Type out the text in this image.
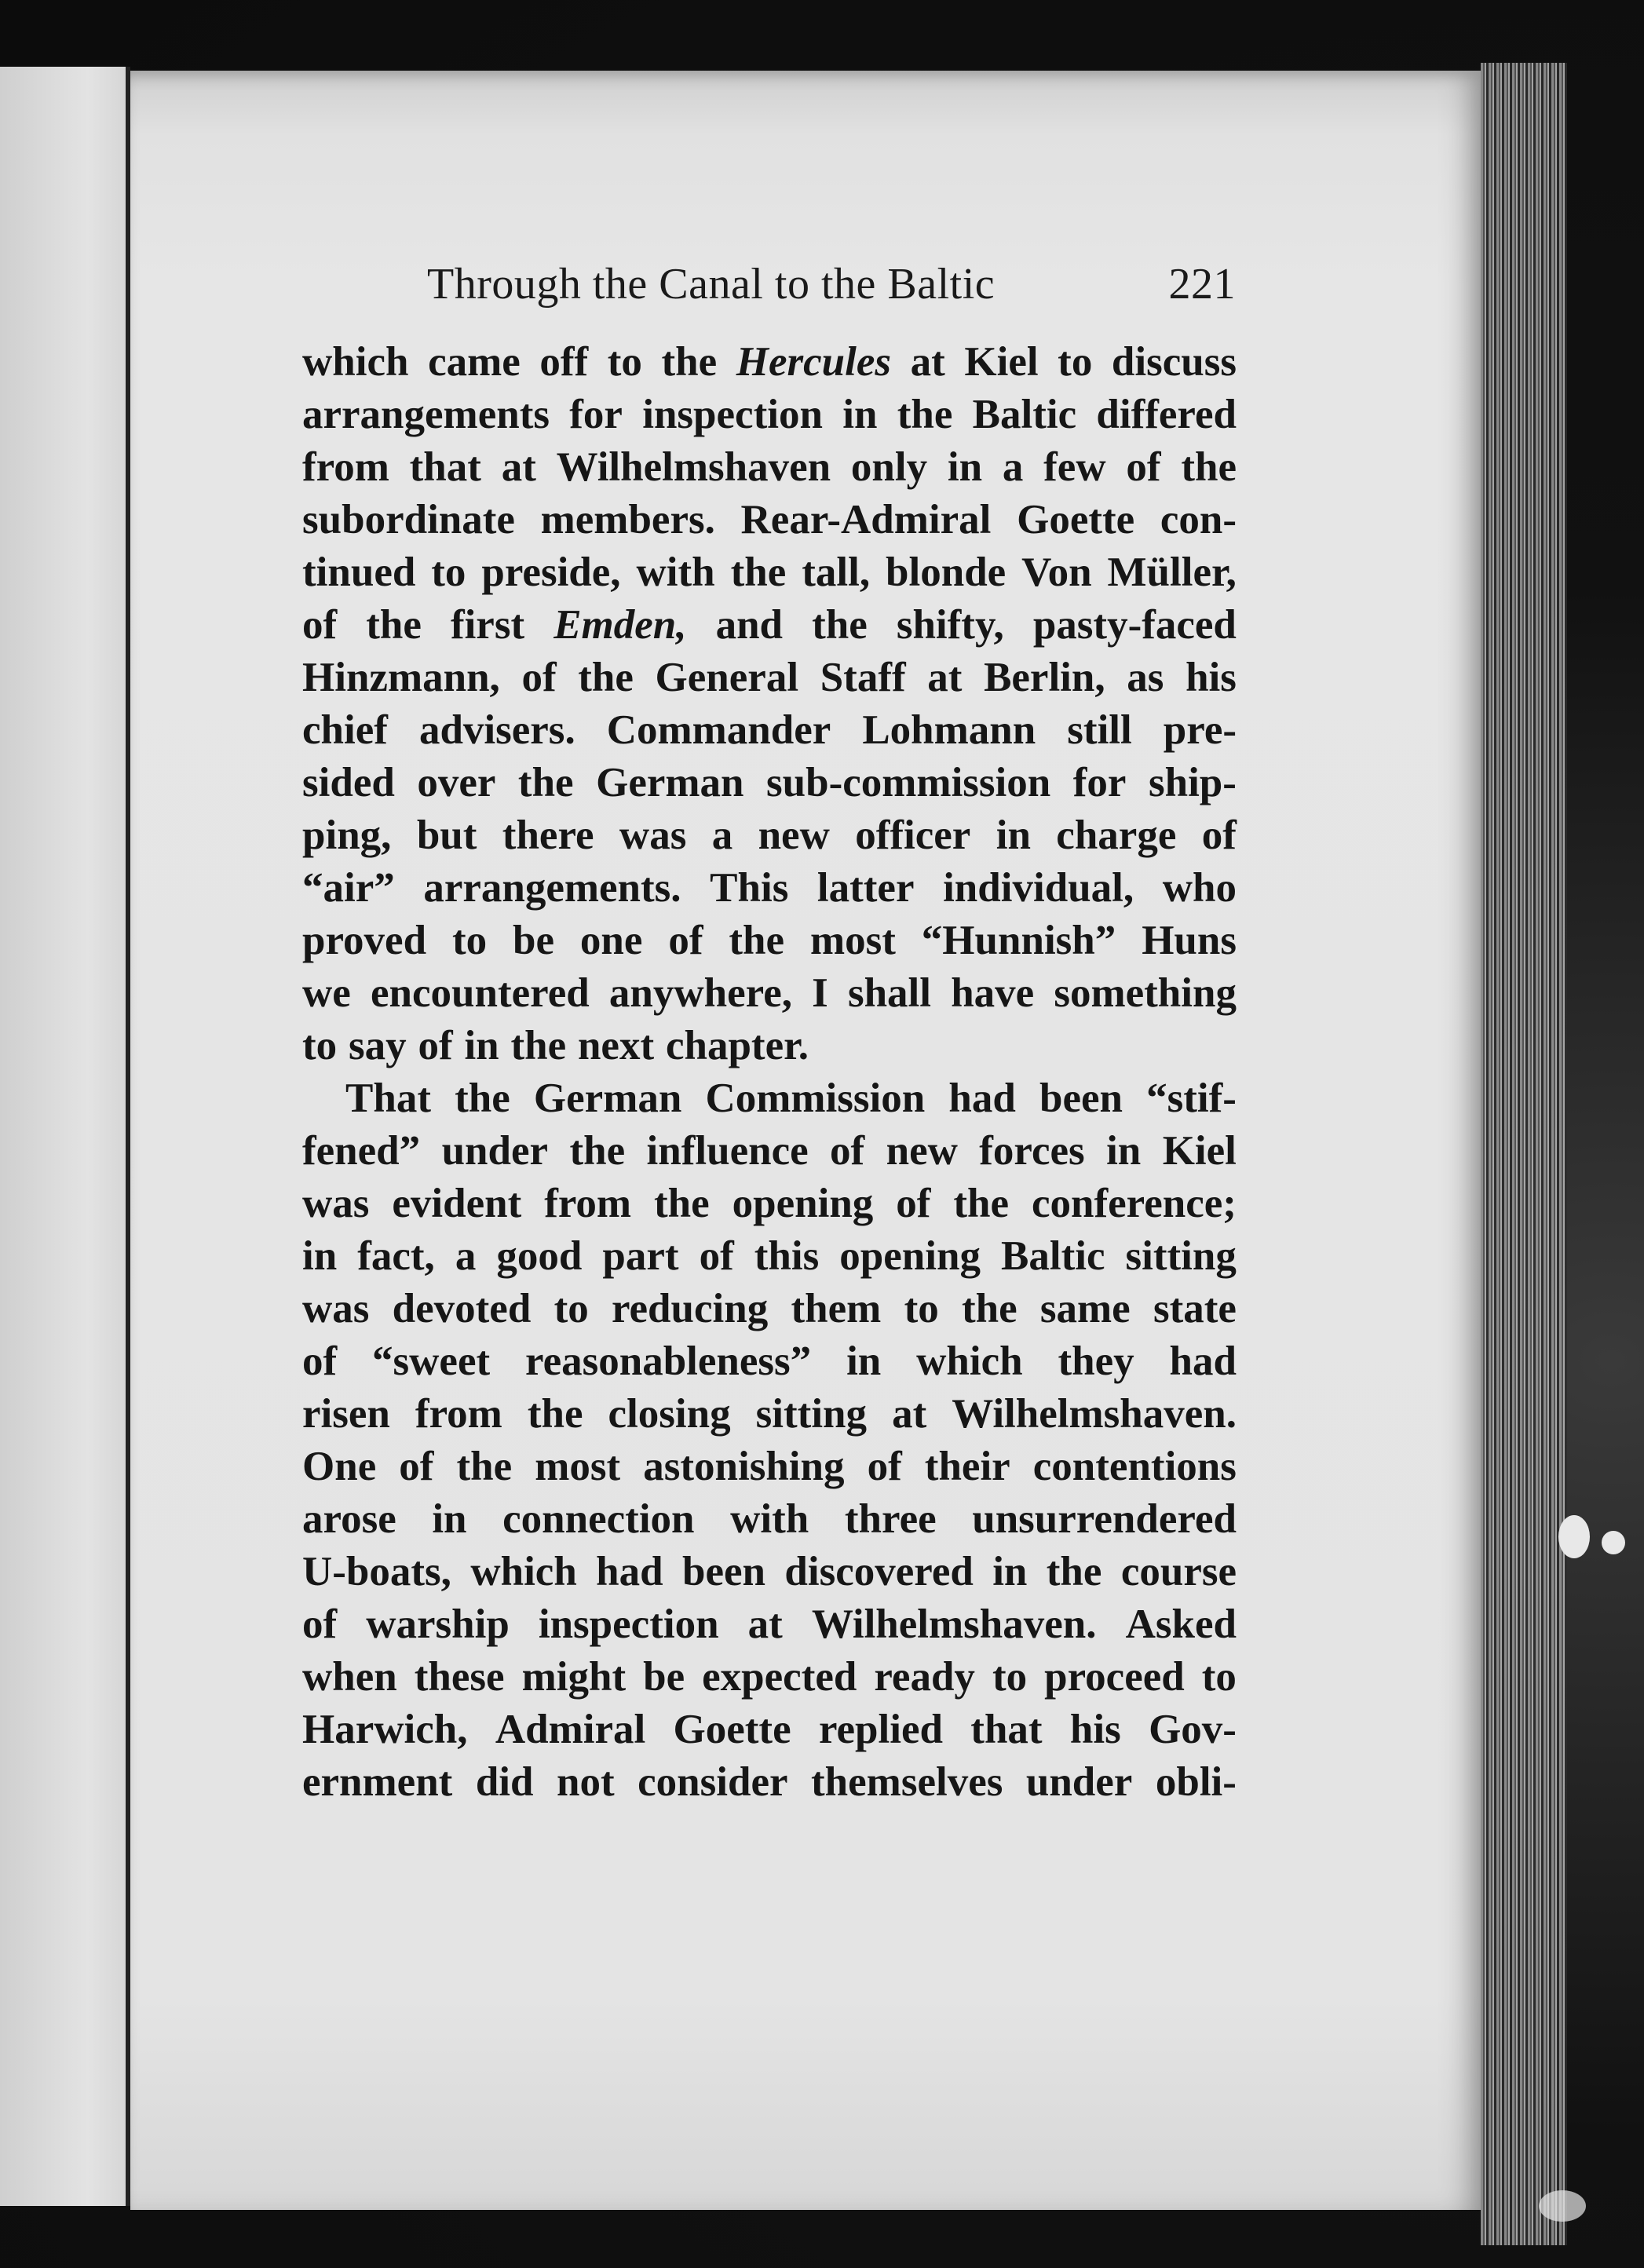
Through the Canal to the Baltic	221
which came off to the Hercules at Kiel to discuss
arrangements for inspection in the Baltic differed
from that at Wilhelmshaven only in a few of the
subordinate members. Rear-Admiral Goette con-
tinued to preside, with the tall, blonde Von Müller,
of the first Emden, and the shifty, pasty-faced
Hinzmann, of the General Staff at Berlin, as his
chief advisers. Commander Lohmann still pre-
sided over the German sub-commission for ship-
ping, but there was a new officer in charge of
“air” arrangements. This latter individual, who
proved to be one of the most “Hunnish” Huns
we encountered anywhere, I shall have something
to say of in the next chapter.
That the German Commission had been “stif-
fened” under the influence of new forces in Kiel
was evident from the opening of the conference;
in fact, a good part of this opening Baltic sitting
was devoted to reducing them to the same state
of “sweet reasonableness” in which they had
risen from the closing sitting at Wilhelmshaven.
One of the most astonishing of their contentions
arose in connection with three unsurrendered
U-boats, which had been discovered in the course
of warship inspection at Wilhelmshaven. Asked
when these might be expected ready to proceed to
Harwich, Admiral Goette replied that his Gov-
ernment did not consider themselves under obli-
